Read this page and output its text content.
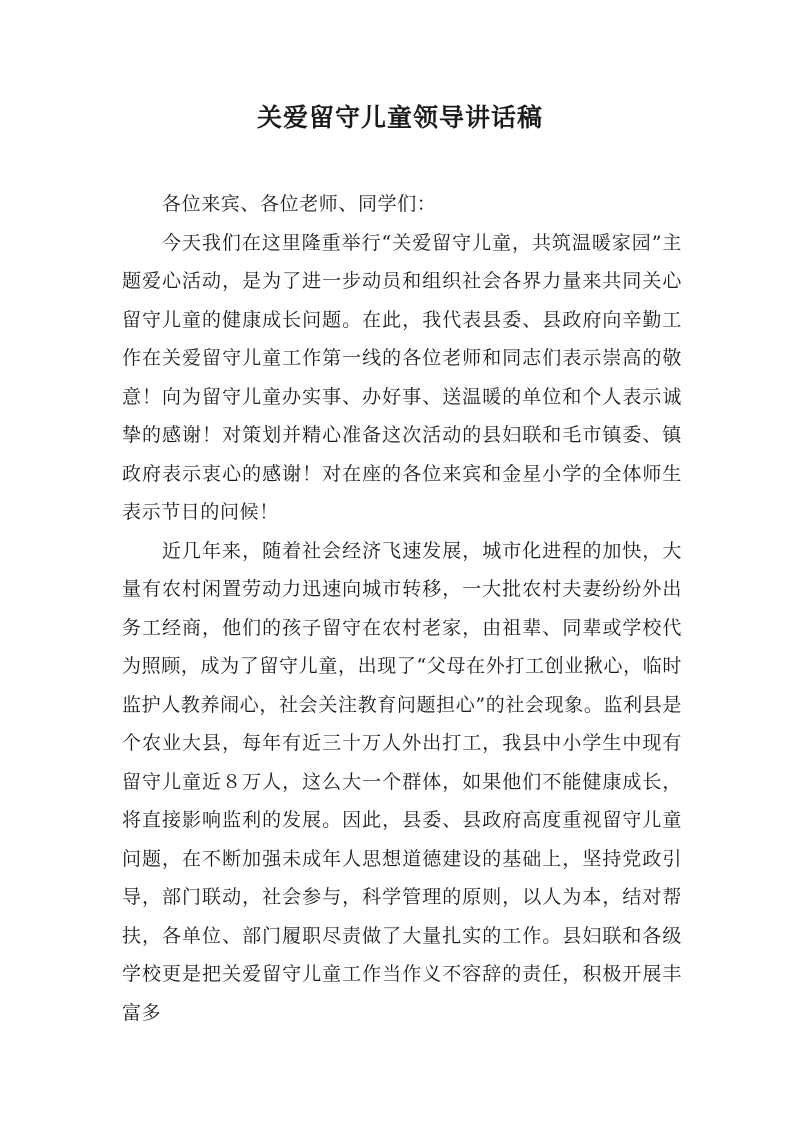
关爱留守儿童领导讲话稿

各位来宾、各位老师、同学们：

今天我们在这里隆重举行“关爱留守儿童，共筑温暖家园”主题爱心活动，是为了进一步动员和组织社会各界力量来共同关心留守儿童的健康成长问题。在此，我代表县委、县政府向辛勤工作在关爱留守儿童工作第一线的各位老师和同志们表示崇高的敬意！向为留守儿童办实事、办好事、送温暖的单位和个人表示诚挚的感谢！对策划并精心准备这次活动的县妇联和毛市镇委、镇政府表示衷心的感谢！对在座的各位来宾和金星小学的全体师生表示节日的问候！

近几年来，随着社会经济飞速发展，城市化进程的加快，大量有农村闲置劳动力迅速向城市转移，一大批农村夫妻纷纷外出务工经商，他们的孩子留守在农村老家，由祖辈、同辈或学校代为照顾，成为了留守儿童，出现了“父母在外打工创业揪心，临时监护人教养闹心，社会关注教育问题担心”的社会现象。监利县是个农业大县，每年有近三十万人外出打工，我县中小学生中现有留守儿童近８万人，这么大一个群体，如果他们不能健康成长，将直接影响监利的发展。因此，县委、县政府高度重视留守儿童问题，在不断加强未成年人思想道德建设的基础上，坚持党政引导，部门联动，社会参与，科学管理的原则，以人为本，结对帮扶，各单位、部门履职尽责做了大量扎实的工作。县妇联和各级学校更是把关爱留守儿童工作当作义不容辞的责任，积极开展丰富多
